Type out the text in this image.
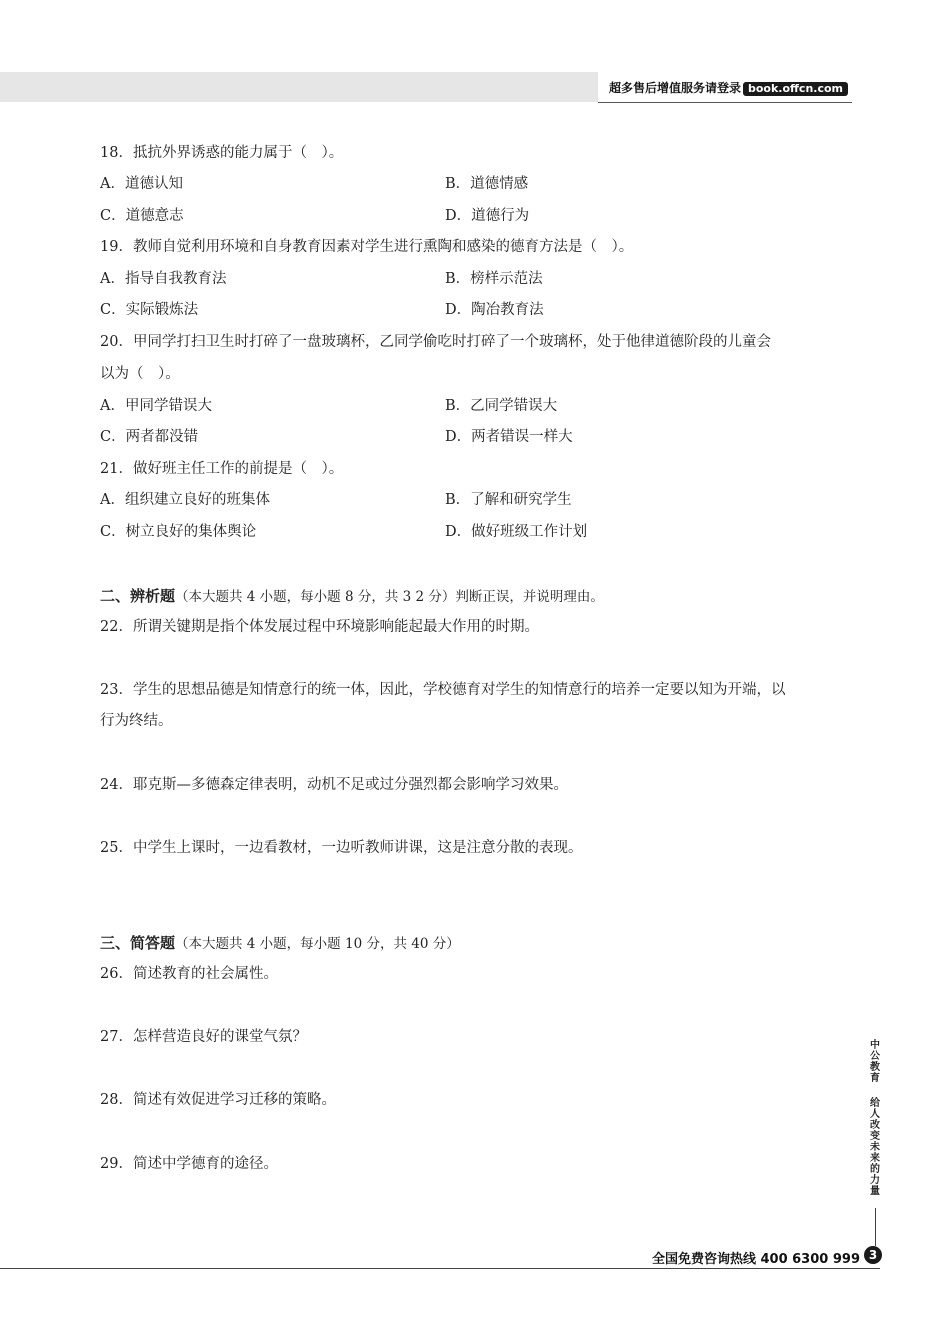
超多售后增值服务请登录 book.offcn.com
18．抵抗外界诱惑的能力属于（　）。
A．道德认知	B．道德情感
C．道德意志	D．道德行为
19．教师自觉利用环境和自身教育因素对学生进行熏陶和感染的德育方法是（　）。
A．指导自我教育法	B．榜样示范法
C．实际锻炼法	D．陶冶教育法
20．甲同学打扫卫生时打碎了一盘玻璃杯，乙同学偷吃时打碎了一个玻璃杯，处于他律道德阶段的儿童会
以为（　）。
A．甲同学错误大	B．乙同学错误大
C．两者都没错	D．两者错误一样大
21．做好班主任工作的前提是（　）。
A．组织建立良好的班集体	B．了解和研究学生
C．树立良好的集体舆论	D．做好班级工作计划
二、辨析题（本大题共 4 小题，每小题 8 分，共 3 2 分）判断正误，并说明理由。
22．所谓关键期是指个体发展过程中环境影响能起最大作用的时期。
23．学生的思想品德是知情意行的统一体，因此，学校德育对学生的知情意行的培养一定要以知为开端，以
行为终结。
24．耶克斯—多德森定律表明，动机不足或过分强烈都会影响学习效果。
25．中学生上课时，一边看教材，一边听教师讲课，这是注意分散的表现。
三、简答题（本大题共 4 小题，每小题 10 分，共 40 分）
26．简述教育的社会属性。
27．怎样营造良好的课堂气氛？
28．简述有效促进学习迁移的策略。
29．简述中学德育的途径。
中公教育
给人改变未来的力量
全国免费咨询热线 400 6300 999 3
